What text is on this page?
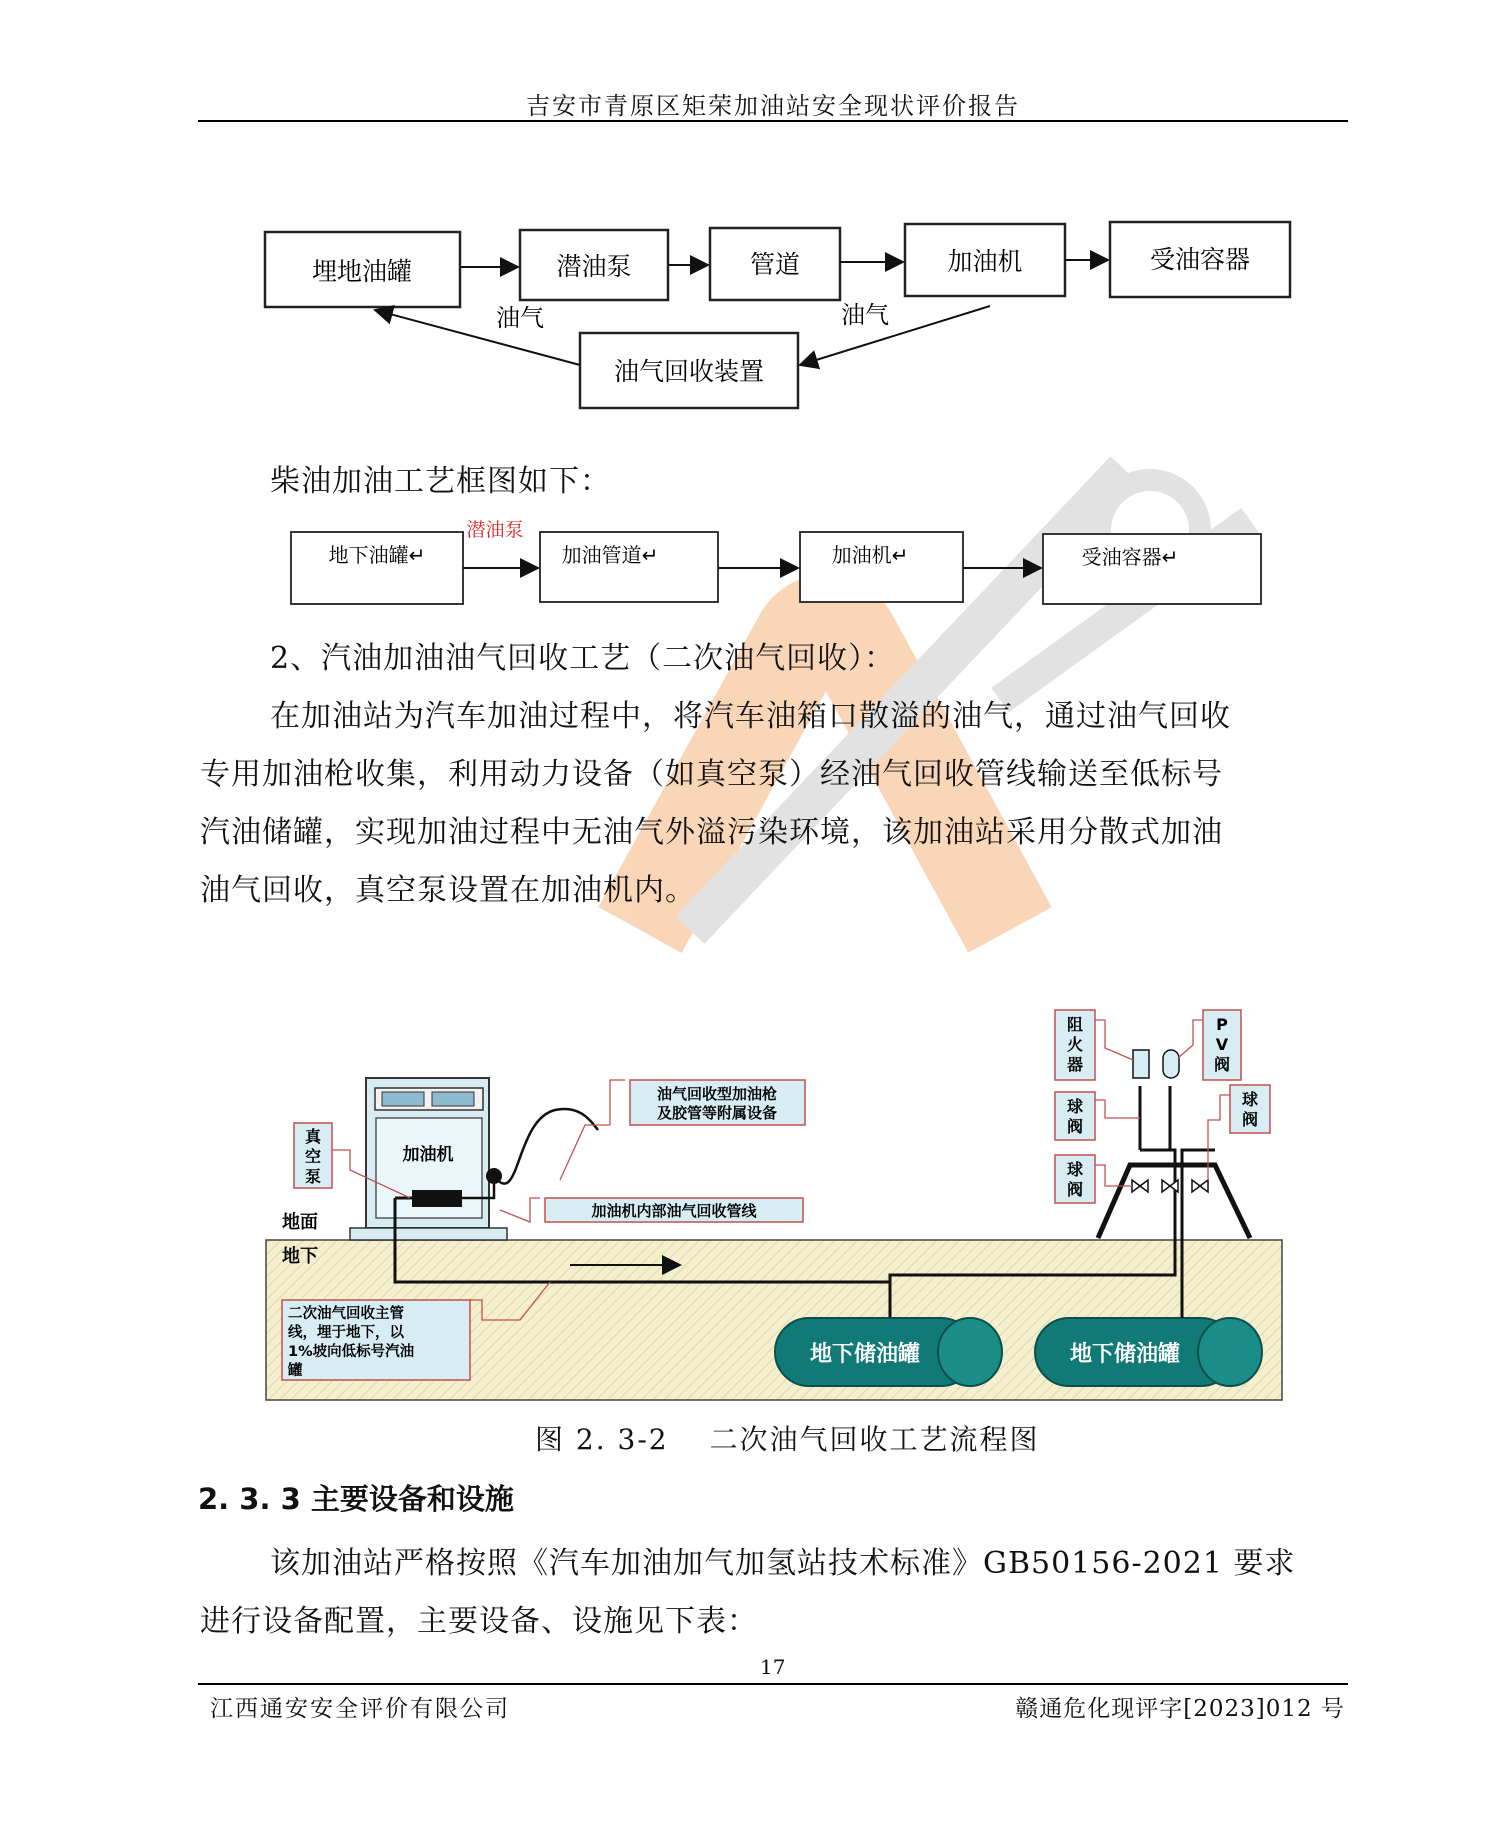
吉安市青原区矩荣加油站安全现状评价报告
埋地油罐	潜油泵	管道	加油机	受油容器
油气回收装置
油气	油气
柴油加油工艺框图如下：
地下油罐↵	加油管道↵	加油机↵	受油容器↵
潜油泵
2、汽油加油油气回收工艺（二次油气回收）：
在加油站为汽车加油过程中，将汽车油箱口散溢的油气，通过油气回收
专用加油枪收集，利用动力设备（如真空泵）经油气回收管线输送至低标号
汽油储罐，实现加油过程中无油气外溢污染环境，该加油站采用分散式加油
油气回收，真空泵设置在加油机内。
加油机
地下储油罐	地下储油罐
油气回收型加油枪
及胶管等附属设备
加油机内部油气回收管线
真
空
泵
地面
地下
二次油气回收主管
线，埋于地下，以
1%坡向低标号汽油
罐
阻
火
器
P
V
阀
球
阀
球
阀
球
阀
图 2. 3-2　 二次油气回收工艺流程图
2. 3. 3 主要设备和设施
该加油站严格按照《汽车加油加气加氢站技术标准》GB50156-2021 要求
进行设备配置，主要设备、设施见下表：
17
江西通安安全评价有限公司	赣通危化现评字[2023]012 号
